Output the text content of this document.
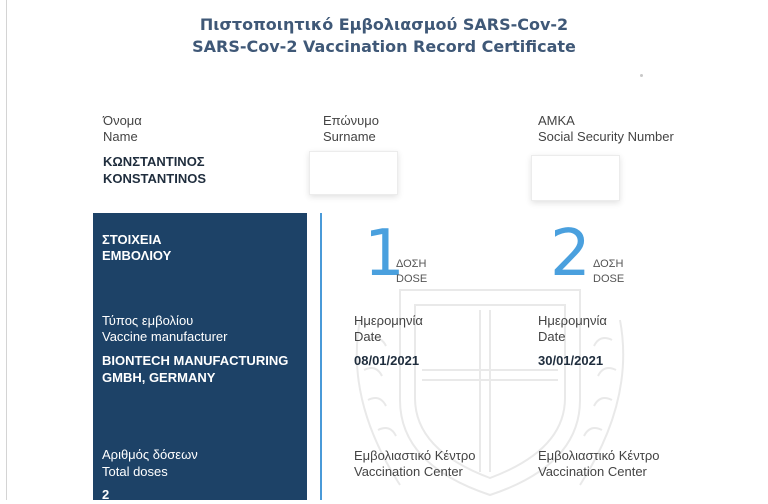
Πιστοποιητικό Εμβολιασμού SARS-Cov-2
SARS-Cov-2 Vaccination Record Certificate
Όνομα
Name
ΚΩΝΣΤΑΝΤΙΝΟΣ
KONSTANTINOS
Επώνυμο
Surname
ΑΜΚΑ
Social Security Number
ΣΤΟΙΧΕΙΑ
ΕΜΒΟΛΙΟΥ
Τύπος εμβολίου
Vaccine manufacturer
BIONTECH MANUFACTURING
GMBH, GERMANY
Αριθμός δόσεων
Total doses
2
1
ΔΟΣΗ
DOSE
Ημερομηνία
Date
08/01/2021
Εμβολιαστικό Κέντρο
Vaccination Center
2 ΔΟΣΗ
DOSE
Ημερομηνία
Date
30/01/2021
Εμβολιαστικό Κέντρο
Vaccination Center
